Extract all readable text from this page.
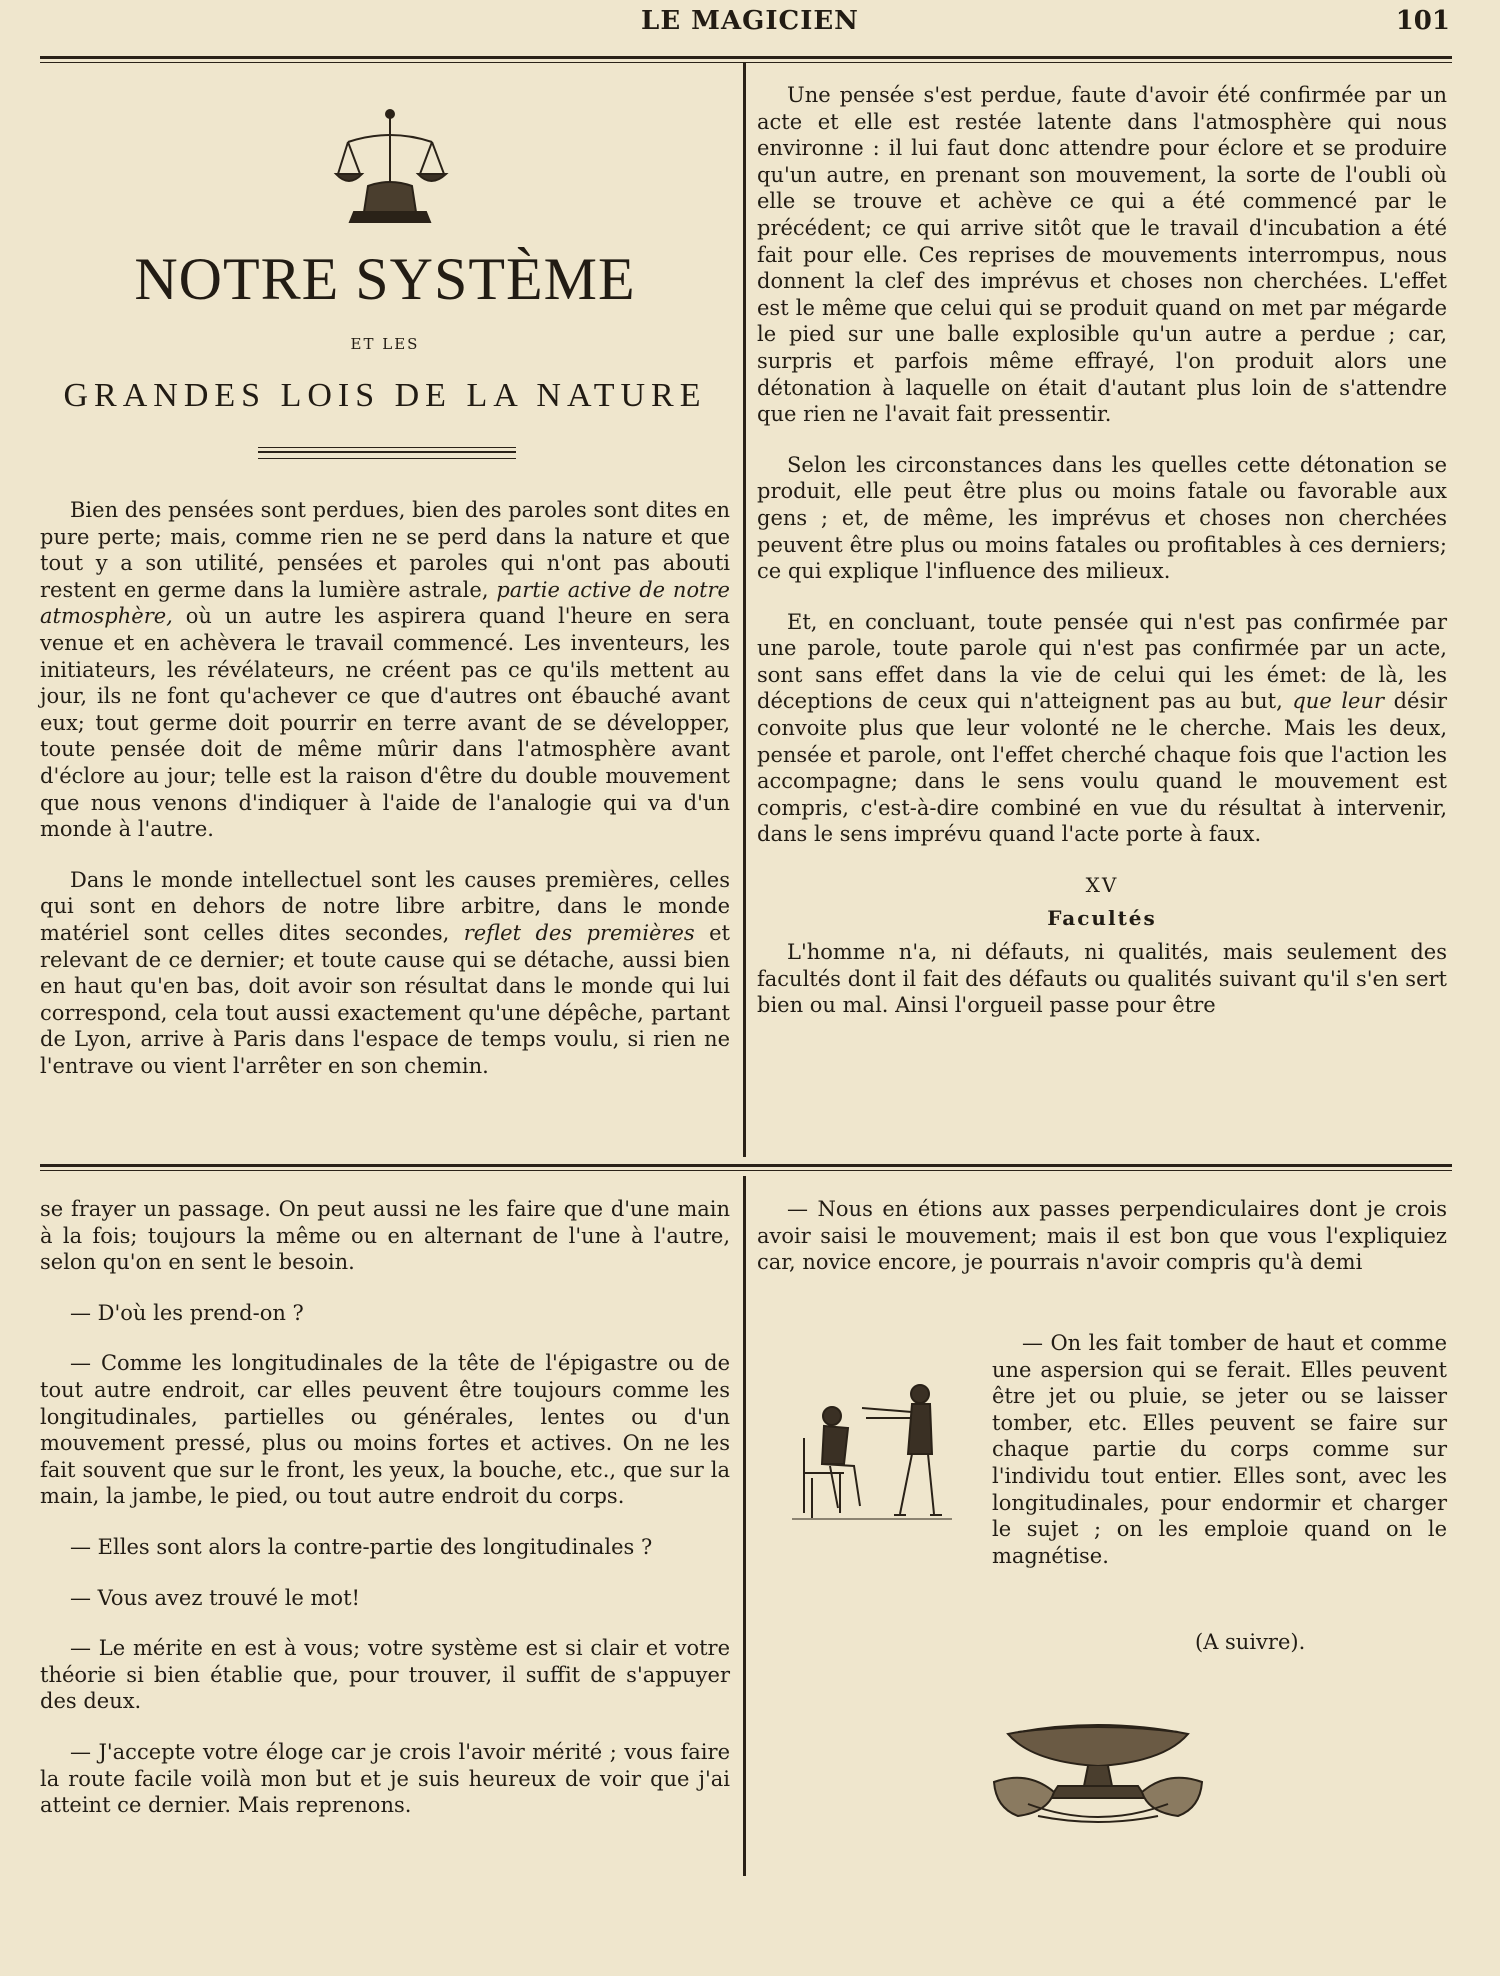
LE MAGICIEN	101
NOTRE SYSTÈME
ET LES
GRANDES LOIS DE LA NATURE

Bien des pensées sont perdues, bien des paroles sont dites en pure perte; mais, comme rien ne se perd dans la nature et que tout y a son utilité, pensées et paroles qui n'ont pas abouti restent en germe dans la lumière astrale, partie active de notre atmosphère, où un autre les aspirera quand l'heure en sera venue et en achèvera le travail commencé. Les inventeurs, les initiateurs, les révélateurs, ne créent pas ce qu'ils mettent au jour, ils ne font qu'achever ce que d'autres ont ébauché avant eux; tout germe doit pourrir en terre avant de se développer, toute pensée doit de même mûrir dans l'atmosphère avant d'éclore au jour; telle est la raison d'être du double mouvement que nous venons d'indiquer à l'aide de l'analogie qui va d'un monde à l'autre.

Dans le monde intellectuel sont les causes premières, celles qui sont en dehors de notre libre arbitre, dans le monde matériel sont celles dites secondes, reflet des premières et relevant de ce dernier; et toute cause qui se détache, aussi bien en haut qu'en bas, doit avoir son résultat dans le monde qui lui correspond, cela tout aussi exactement qu'une dépêche, partant de Lyon, arrive à Paris dans l'espace de temps voulu, si rien ne l'entrave ou vient l'arrêter en son chemin.

Une pensée s'est perdue, faute d'avoir été confirmée par un acte et elle est restée latente dans l'atmosphère qui nous environne : il lui faut donc attendre pour éclore et se produire qu'un autre, en prenant son mouvement, la sorte de l'oubli où elle se trouve et achève ce qui a été commencé par le précédent; ce qui arrive sitôt que le travail d'incubation a été fait pour elle. Ces reprises de mouvements interrompus, nous donnent la clef des imprévus et choses non cherchées. L'effet est le même que celui qui se produit quand on met par mégarde le pied sur une balle explosible qu'un autre a perdue ; car, surpris et parfois même effrayé, l'on produit alors une détonation à laquelle on était d'autant plus loin de s'attendre que rien ne l'avait fait pressentir.

Selon les circonstances dans les quelles cette détonation se produit, elle peut être plus ou moins fatale ou favorable aux gens ; et, de même, les imprévus et choses non cherchées peuvent être plus ou moins fatales ou profitables à ces derniers; ce qui explique l'influence des milieux.

Et, en concluant, toute pensée qui n'est pas confirmée par une parole, toute parole qui n'est pas confirmée par un acte, sont sans effet dans la vie de celui qui les émet: de là, les déceptions de ceux qui n'atteignent pas au but, que leur désir convoite plus que leur volonté ne le cherche. Mais les deux, pensée et parole, ont l'effet cherché chaque fois que l'action les accompagne; dans le sens voulu quand le mouvement est compris, c'est-à-dire combiné en vue du résultat à intervenir, dans le sens imprévu quand l'acte porte à faux.

XV

Facultés

L'homme n'a, ni défauts, ni qualités, mais seulement des facultés dont il fait des défauts ou qualités suivant qu'il s'en sert bien ou mal. Ainsi l'orgueil passe pour être

se frayer un passage. On peut aussi ne les faire que d'une main à la fois; toujours la même ou en alternant de l'une à l'autre, selon qu'on en sent le besoin.

— D'où les prend-on ?

— Comme les longitudinales de la tête de l'épigastre ou de tout autre endroit, car elles peuvent être toujours comme les longitudinales, partielles ou générales, lentes ou d'un mouvement pressé, plus ou moins fortes et actives. On ne les fait souvent que sur le front, les yeux, la bouche, etc., que sur la main, la jambe, le pied, ou tout autre endroit du corps.

— Elles sont alors la contre-partie des longitudinales ?

— Vous avez trouvé le mot!

— Le mérite en est à vous; votre système est si clair et votre théorie si bien établie que, pour trouver, il suffit de s'appuyer des deux.

— J'accepte votre éloge car je crois l'avoir mérité ; vous faire la route facile voilà mon but et je suis heureux de voir que j'ai atteint ce dernier. Mais reprenons.

— Nous en étions aux passes perpendiculaires dont je crois avoir saisi le mouvement; mais il est bon que vous l'expliquiez car, novice encore, je pourrais n'avoir compris qu'à demi

— On les fait tomber de haut et comme une aspersion qui se ferait. Elles peuvent être jet ou pluie, se jeter ou se laisser tomber, etc. Elles peuvent se faire sur chaque partie du corps comme sur l'individu tout entier. Elles sont, avec les longitudinales, pour endormir et charger le sujet ; on les emploie quand on le magnétise.

(A suivre).
